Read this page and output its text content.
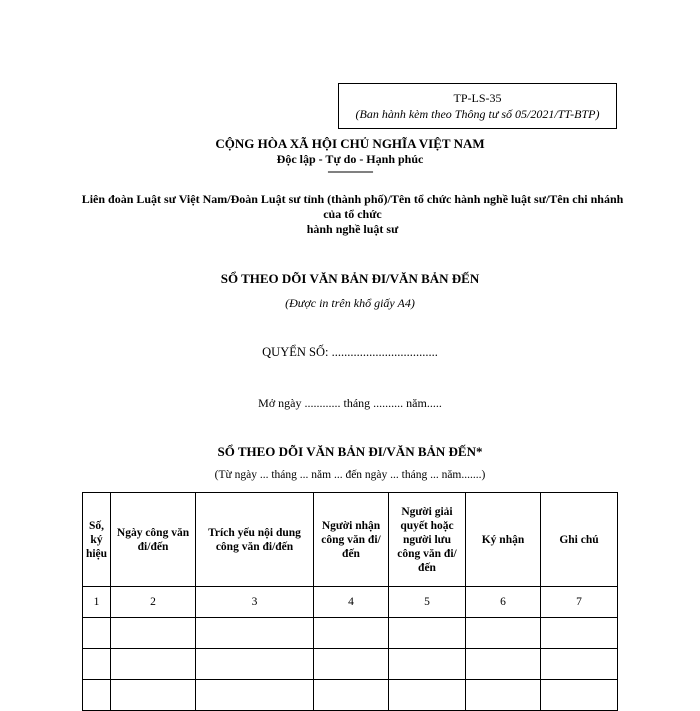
TP-LS-35
(Ban hành kèm theo Thông tư số 05/2021/TT-BTP)
CỘNG HÒA XÃ HỘI CHỦ NGHĨA VIỆT NAM
Độc lập - Tự do - Hạnh phúc
---------------
Liên đoàn Luật sư Việt Nam/Đoàn Luật sư tỉnh (thành phố)/Tên tổ chức hành nghề luật sư/Tên chi nhánh của tổ chức
hành nghề luật sư
SỔ THEO DÕI VĂN BẢN ĐI/VĂN BẢN ĐẾN
(Được in trên khổ giấy A4)
QUYỂN SỐ: ..................................
Mở ngày ............ tháng .......... năm.....
SỔ THEO DÕI VĂN BẢN ĐI/VĂN BẢN ĐẾN*
(Từ ngày ... tháng ... năm ... đến ngày ... tháng ... năm.......)
Số, ký hiệu	Ngày công văn đi/đến	Trích yếu nội dung công văn đi/đến	Người nhận công văn đi/đến	Người giải quyết hoặc người lưu công văn đi/đến	Ký nhận	Ghi chú
1	2	3	4	5	6	7
